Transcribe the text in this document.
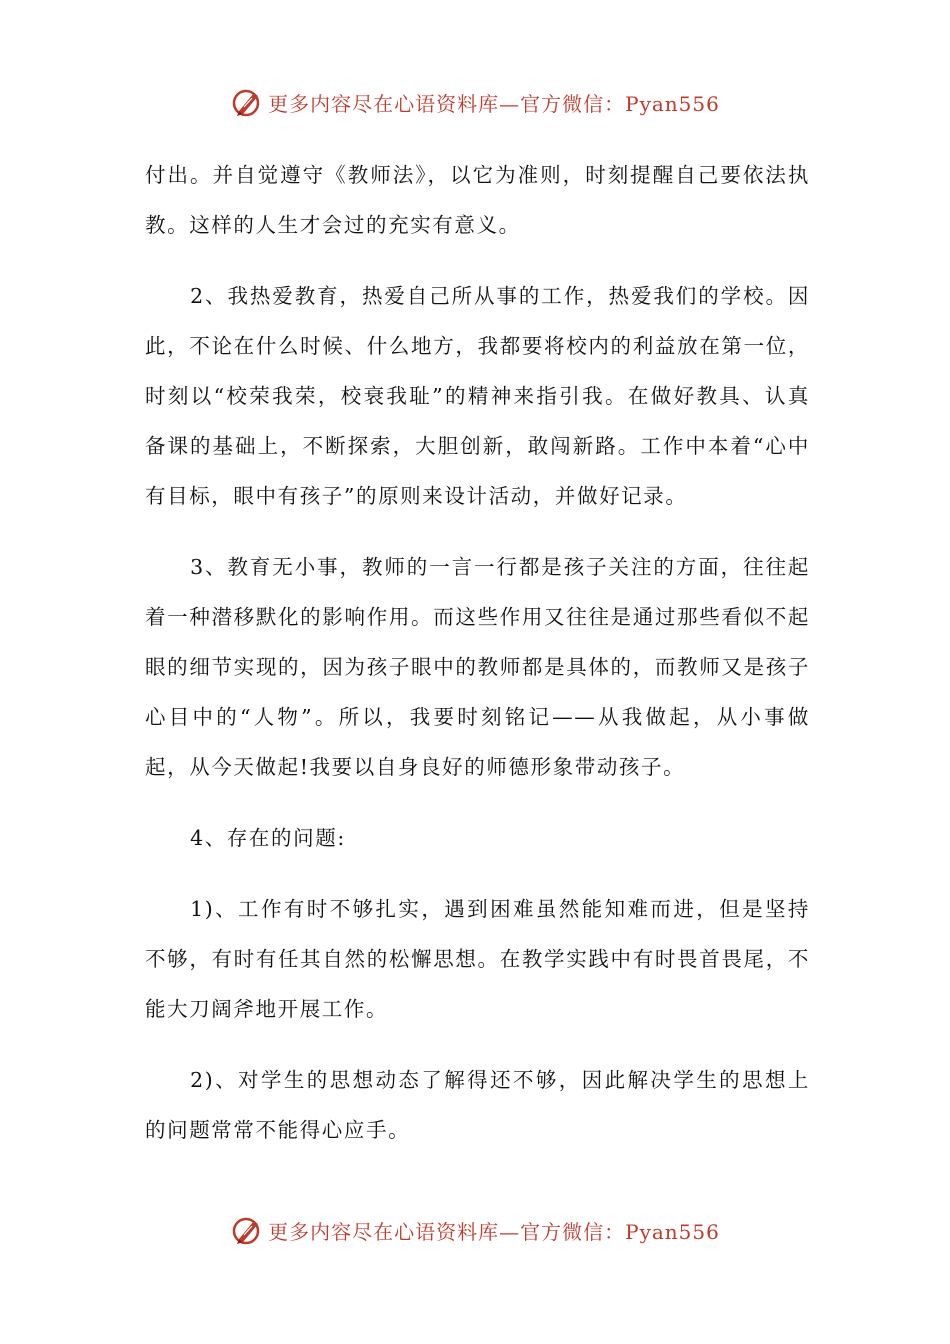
更多内容尽在心语资料库—官方微信：Pyan556

付出。并自觉遵守《教师法》，以它为准则，时刻提醒自己要依法执教。这样的人生才会过的充实有意义。

2、我热爱教育，热爱自己所从事的工作，热爱我们的学校。因此，不论在什么时候、什么地方，我都要将校内的利益放在第一位，时刻以“校荣我荣，校衰我耻”的精神来指引我。在做好教具、认真备课的基础上，不断探索，大胆创新，敢闯新路。工作中本着“心中有目标，眼中有孩子”的原则来设计活动，并做好记录。

3、教育无小事，教师的一言一行都是孩子关注的方面，往往起着一种潜移默化的影响作用。而这些作用又往往是通过那些看似不起眼的细节实现的，因为孩子眼中的教师都是具体的，而教师又是孩子心目中的“人物”。所以，我要时刻铭记——从我做起，从小事做起，从今天做起!我要以自身良好的师德形象带动孩子。

4、存在的问题:

1)、工作有时不够扎实，遇到困难虽然能知难而进，但是坚持不够，有时有任其自然的松懈思想。在教学实践中有时畏首畏尾，不能大刀阔斧地开展工作。

2)、对学生的思想动态了解得还不够，因此解决学生的思想上的问题常常不能得心应手。

更多内容尽在心语资料库—官方微信：Pyan556
